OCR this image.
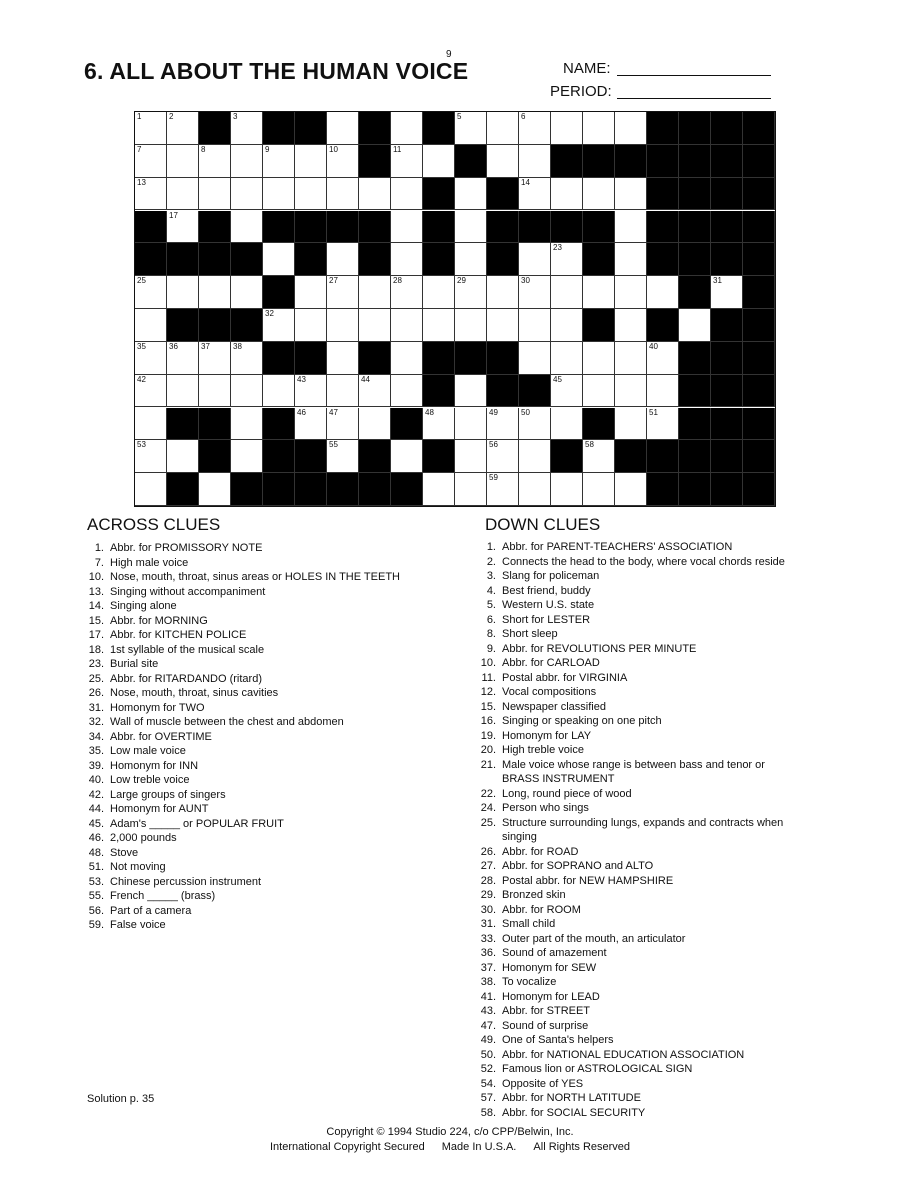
6. ALL ABOUT THE HUMAN VOICE
9
NAME:
PERIOD:
1	2	3	5	6
7	8	9	10	11
13	14
17
23
25	27	28	29	30	31
32
35	36	37	38	40
42	43	44	45
46	47	48	49	50	51
53	55	56	58
59
ACROSS CLUES
1. Abbr. for PROMISSORY NOTE
7. High male voice
10. Nose, mouth, throat, sinus areas or HOLES IN THE TEETH
13. Singing without accompaniment
14. Singing alone
15. Abbr. for MORNING
17. Abbr. for KITCHEN POLICE
18. 1st syllable of the musical scale
23. Burial site
25. Abbr. for RITARDANDO (ritard)
26. Nose, mouth, throat, sinus cavities
31. Homonym for TWO
32. Wall of muscle between the chest and abdomen
34. Abbr. for OVERTIME
35. Low male voice
39. Homonym for INN
40. Low treble voice
42. Large groups of singers
44. Homonym for AUNT
45. Adam's _____ or POPULAR FRUIT
46. 2,000 pounds
48. Stove
51. Not moving
53. Chinese percussion instrument
55. French _____ (brass)
56. Part of a camera
59. False voice
DOWN CLUES
1. Abbr. for PARENT-TEACHERS' ASSOCIATION
2. Connects the head to the body, where vocal chords reside
3. Slang for policeman
4. Best friend, buddy
5. Western U.S. state
6. Short for LESTER
8. Short sleep
9. Abbr. for REVOLUTIONS PER MINUTE
10. Abbr. for CARLOAD
11. Postal abbr. for VIRGINIA
12. Vocal compositions
15. Newspaper classified
16. Singing or speaking on one pitch
19. Homonym for LAY
20. High treble voice
21. Male voice whose range is between bass and tenor or
BRASS INSTRUMENT
22. Long, round piece of wood
24. Person who sings
25. Structure surrounding lungs, expands and contracts when
singing
26. Abbr. for ROAD
27. Abbr. for SOPRANO and ALTO
28. Postal abbr. for NEW HAMPSHIRE
29. Bronzed skin
30. Abbr. for ROOM
31. Small child
33. Outer part of the mouth, an articulator
36. Sound of amazement
37. Homonym for SEW
38. To vocalize
41. Homonym for LEAD
43. Abbr. for STREET
47. Sound of surprise
49. One of Santa's helpers
50. Abbr. for NATIONAL EDUCATION ASSOCIATION
52. Famous lion or ASTROLOGICAL SIGN
54. Opposite of YES
57. Abbr. for NORTH LATITUDE
58. Abbr. for SOCIAL SECURITY
Solution p. 35
Copyright © 1994 Studio 224, c/o CPP/Belwin, Inc.
International Copyright Secured Made In U.S.A. All Rights Reserved
